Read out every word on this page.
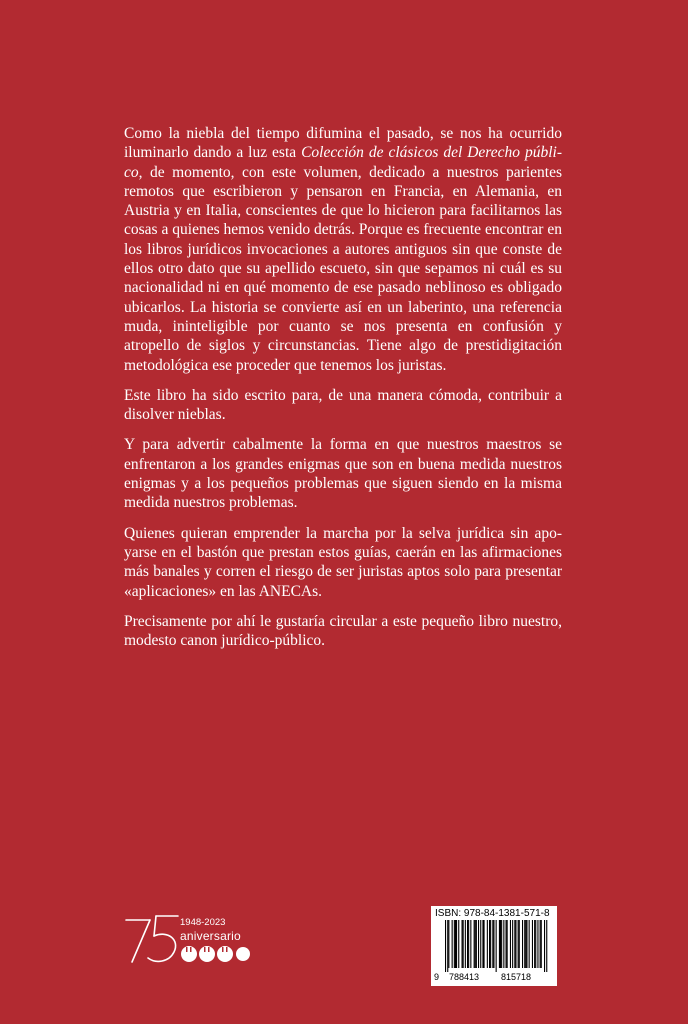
Como la niebla del tiempo difumina el pasado, se nos ha ocurrido iluminarlo dando a luz esta Colección de clásicos del Derecho público, de momento, con este volumen, dedicado a nuestros parientes remotos que escribieron y pensaron en Francia, en Alemania, en Austria y en Italia, conscientes de que lo hicieron para facilitarnos las cosas a quienes hemos venido detrás. Porque es frecuente encontrar en los libros jurídicos invocaciones a autores antiguos sin que conste de ellos otro dato que su apellido escueto, sin que sepamos ni cuál es su nacionalidad ni en qué momento de ese pasado neblinoso es obligado ubicarlos. La historia se convierte así en un laberinto, una referencia muda, ininteligible por cuanto se nos presenta en confusión y atropello de siglos y circunstancias. Tiene algo de prestidigitación metodológica ese proceder que tenemos los juristas.

Este libro ha sido escrito para, de una manera cómoda, contribuir a disolver nieblas.

Y para advertir cabalmente la forma en que nuestros maestros se enfrentaron a los grandes enigmas que son en buena medida nuestros enigmas y a los pequeños problemas que siguen siendo en la misma medida nuestros problemas.

Quienes quieran emprender la marcha por la selva jurídica sin apoyarse en el bastón que prestan estos guías, caerán en las afirmaciones más banales y corren el riesgo de ser juristas aptos solo para presentar «aplicaciones» en las ANECAs.

Precisamente por ahí le gustaría circular a este pequeño libro nuestro, modesto canon jurídico-público.

1948-2023
aniversario
ISBN: 978-84-1381-571-8
9 788413 815718
